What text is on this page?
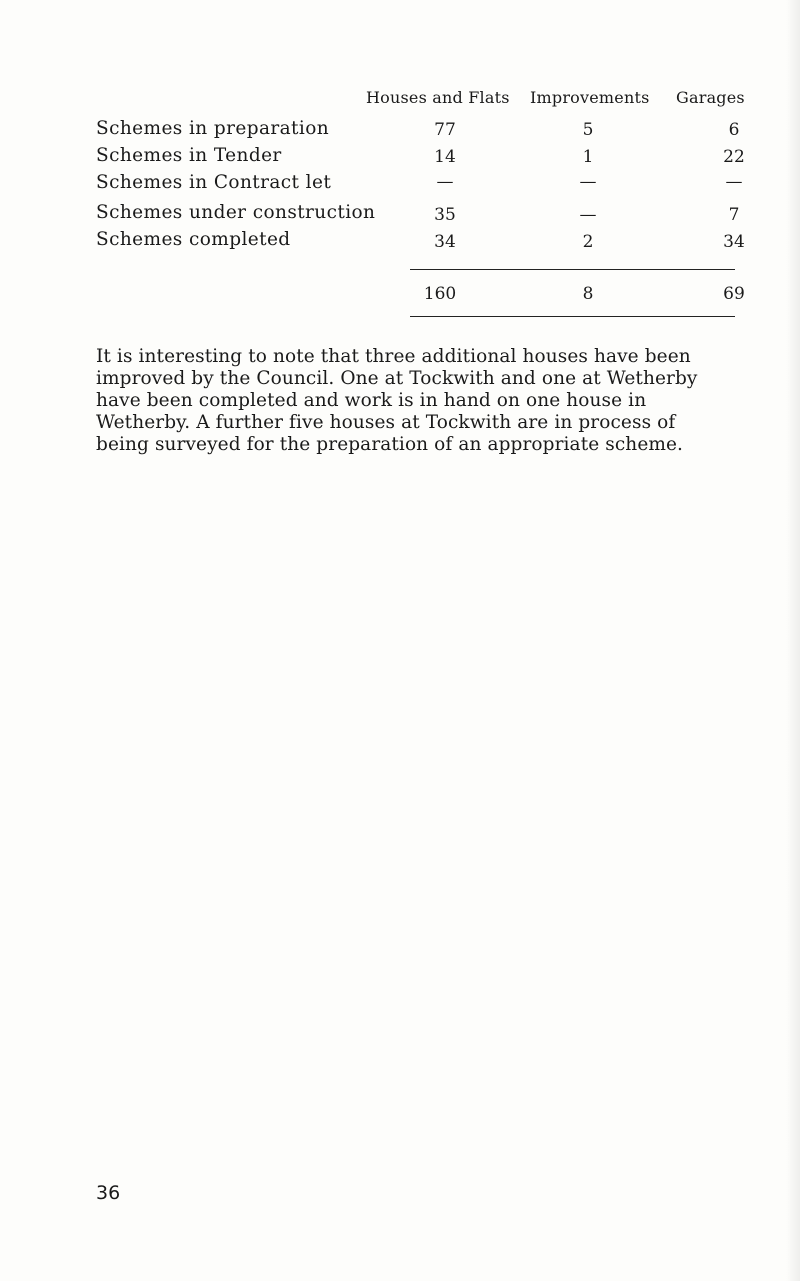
Houses and Flats Improvements Garages
Schemes in preparation	77	5	6
Schemes in Tender	14	1	22
Schemes in Contract let	—	—	—
Schemes under construction	35	—	7
Schemes completed	34	2	34
160	8	69
It is interesting to note that three additional houses have been
improved by the Council. One at Tockwith and one at Wetherby
have been completed and work is in hand on one house in
Wetherby. A further five houses at Tockwith are in process of
being surveyed for the preparation of an appropriate scheme.
36
